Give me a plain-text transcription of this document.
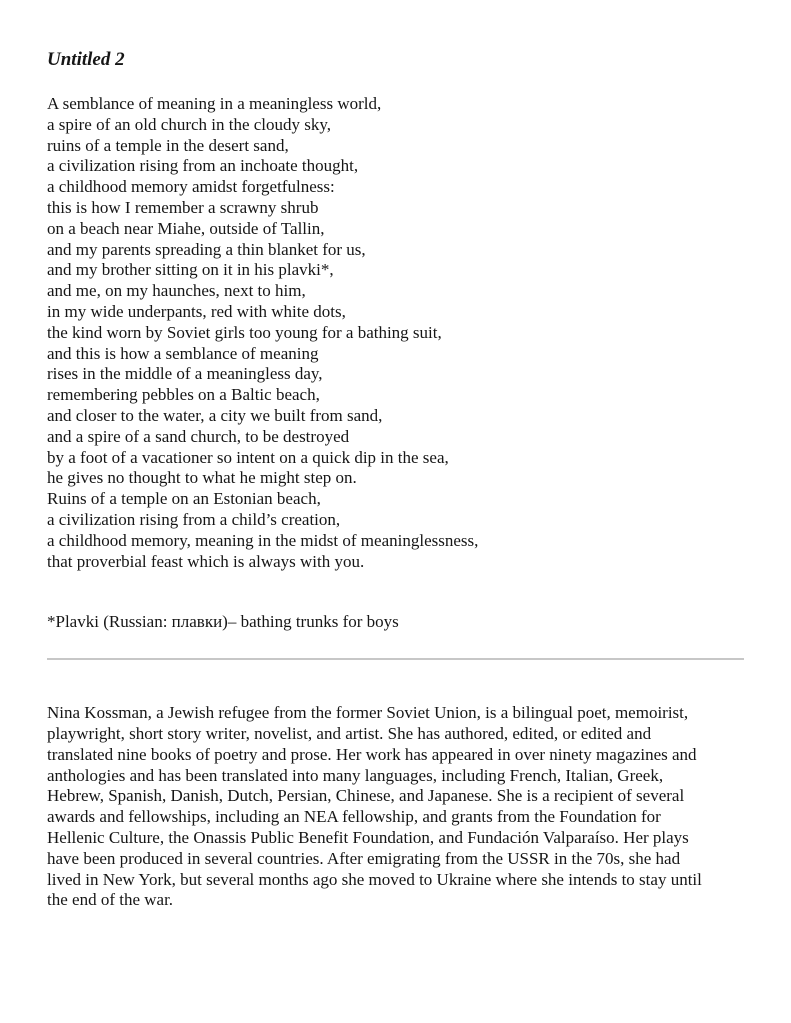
Untitled 2
A semblance of meaning in a meaningless world,
a spire of an old church in the cloudy sky,
ruins of a temple in the desert sand,
a civilization rising from an inchoate thought,
a childhood memory amidst forgetfulness:
this is how I remember a scrawny shrub
on a beach near Miahe, outside of Tallin,
and my parents spreading a thin blanket for us,
and my brother sitting on it in his plavki*,
and me, on my haunches, next to him,
in my wide underpants, red with white dots,
the kind worn by Soviet girls too young for a bathing suit,
and this is how a semblance of meaning
rises in the middle of a meaningless day,
remembering pebbles on a Baltic beach,
and closer to the water, a city we built from sand,
and a spire of a sand church, to be destroyed
by a foot of a vacationer so intent on a quick dip in the sea,
he gives no thought to what he might step on.
Ruins of a temple on an Estonian beach,
a civilization rising from a child’s creation,
a childhood memory, meaning in the midst of meaninglessness,
that proverbial feast which is always with you.

*Plavki (Russian: плавки)– bathing trunks for boys

Nina Kossman, a Jewish refugee from the former Soviet Union, is a bilingual poet, memoirist,
playwright, short story writer, novelist, and artist. She has authored, edited, or edited and
translated nine books of poetry and prose. Her work has appeared in over ninety magazines and
anthologies and has been translated into many languages, including French, Italian, Greek,
Hebrew, Spanish, Danish, Dutch, Persian, Chinese, and Japanese. She is a recipient of several
awards and fellowships, including an NEA fellowship, and grants from the Foundation for
Hellenic Culture, the Onassis Public Benefit Foundation, and Fundación Valparaíso. Her plays
have been produced in several countries. After emigrating from the USSR in the 70s, she had
lived in New York, but several months ago she moved to Ukraine where she intends to stay until
the end of the war.
